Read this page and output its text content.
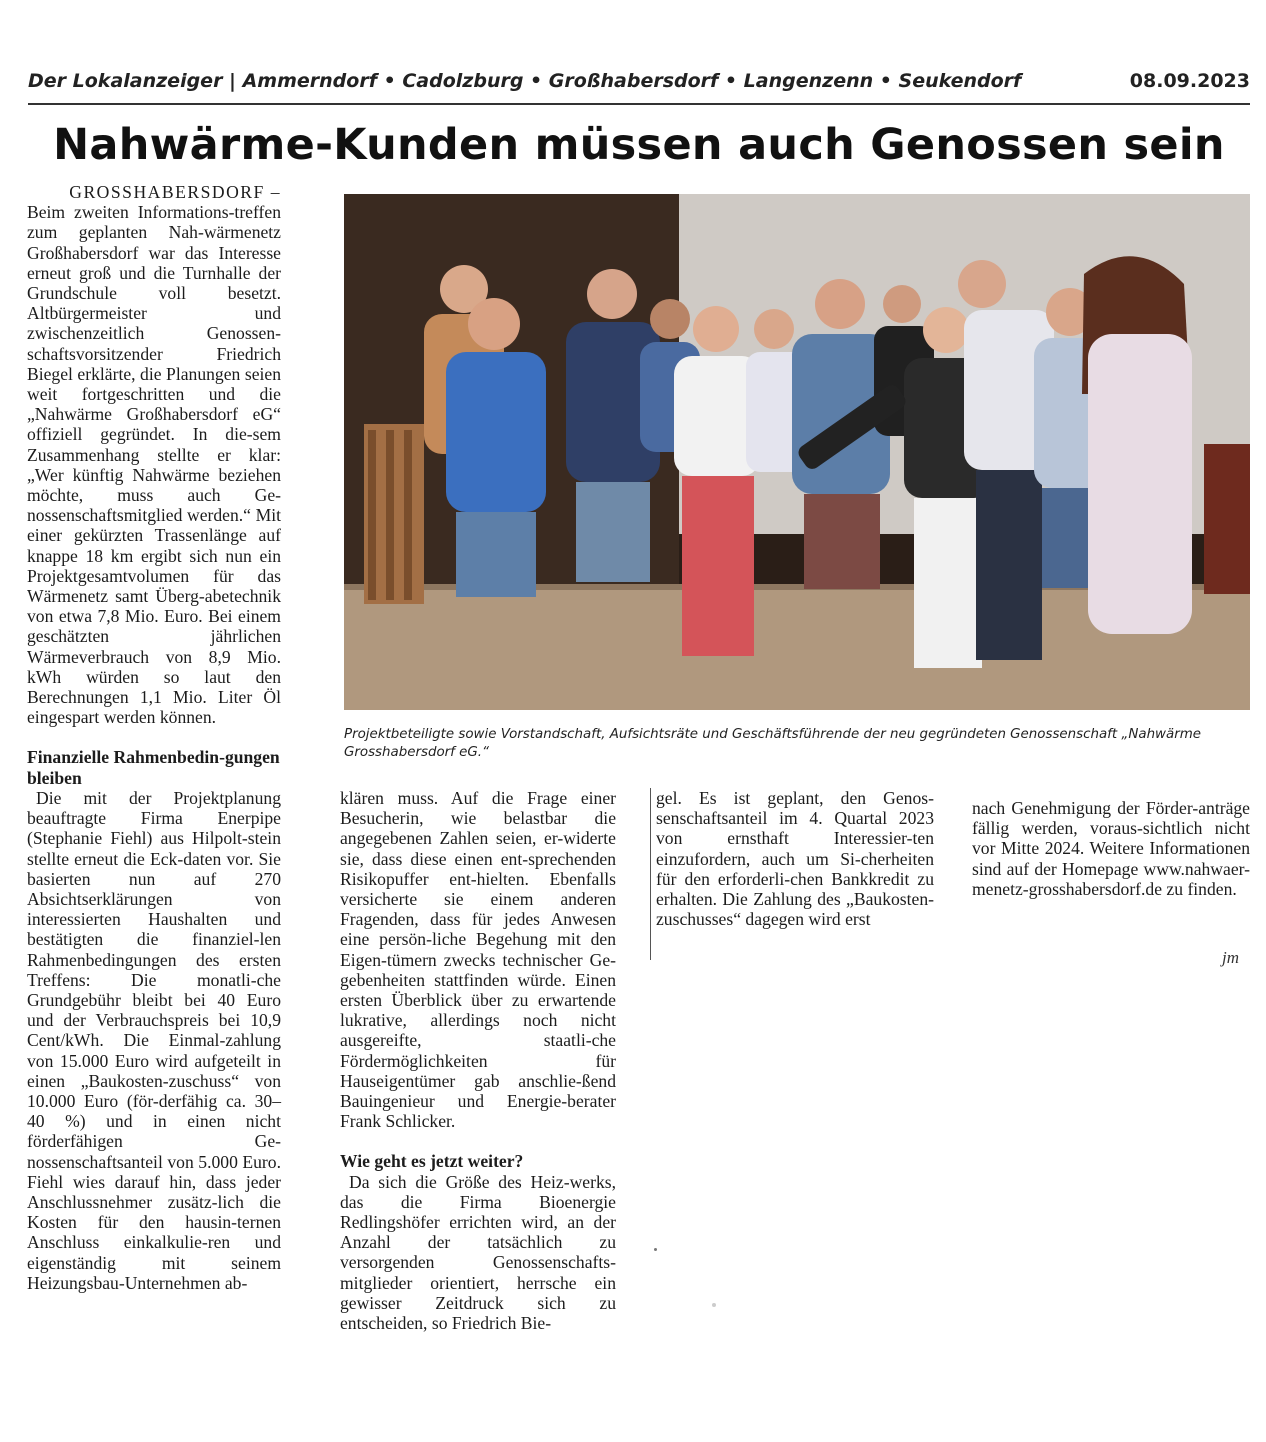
Der Lokalanzeiger | Ammerndorf • Cadolzburg • Großhabersdorf • Langenzenn • Seukendorf	08.09.2023
Nahwärme-Kunden müssen auch Genossen sein

GROSSHABERSDORF –

Beim zweiten Informations-treffen zum geplanten Nah-wärmenetz Großhabersdorf war das Interesse erneut groß und die Turnhalle der Grundschule voll besetzt. Altbürgermeister und zwischenzeitlich Genossen-schaftsvorsitzender Friedrich Biegel erklärte, die Planungen seien weit fortgeschritten und die „Nahwärme Großhabersdorf eG“ offiziell gegründet. In die-sem Zusammenhang stellte er klar: „Wer künftig Nahwärme beziehen möchte, muss auch Ge-nossenschaftsmitglied werden.“ Mit einer gekürzten Trassenlänge auf knappe 18 km ergibt sich nun ein Projektgesamtvolumen für das Wärmenetz samt Überg-abetechnik von etwa 7,8 Mio. Euro. Bei einem geschätzten jährlichen Wärmeverbrauch von 8,9 Mio. kWh würden so laut den Berechnungen 1,1 Mio. Liter Öl eingespart werden können.

Finanzielle Rahmenbedin-gungen bleiben

Die mit der Projektplanung beauftragte Firma Enerpipe (Stephanie Fiehl) aus Hilpolt-stein stellte erneut die Eck-daten vor. Sie basierten nun auf 270 Absichtserklärungen von interessierten Haushalten und bestätigten die finanziel-len Rahmenbedingungen des ersten Treffens: Die monatli-che Grundgebühr bleibt bei 40 Euro und der Verbrauchspreis bei 10,9 Cent/kWh. Die Einmal-zahlung von 15.000 Euro wird aufgeteilt in einen „Baukosten-zuschuss“ von 10.000 Euro (för-derfähig ca. 30–40 %) und in einen nicht förderfähigen Ge-nossenschaftsanteil von 5.000 Euro. Fiehl wies darauf hin, dass jeder Anschlussnehmer zusätz-lich die Kosten für den hausin-ternen Anschluss einkalkulie-ren und eigenständig mit seinem Heizungsbau-Unternehmen ab-

Projektbeteiligte sowie Vorstandschaft, Aufsichtsräte und Geschäftsführende der neu gegründeten Genossenschaft „Nahwärme Grosshabersdorf eG.“

klären muss. Auf die Frage einer Besucherin, wie belastbar die angegebenen Zahlen seien, er-widerte sie, dass diese einen ent-sprechenden Risikopuffer ent-hielten. Ebenfalls versicherte sie einem anderen Fragenden, dass für jedes Anwesen eine persön-liche Begehung mit den Eigen-tümern zwecks technischer Ge-gebenheiten stattfinden würde. Einen ersten Überblick über zu erwartende lukrative, allerdings noch nicht ausgereifte, staatli-che Fördermöglichkeiten für Hauseigentümer gab anschlie-ßend Bauingenieur und Energie-berater Frank Schlicker.

Wie geht es jetzt weiter?

Da sich die Größe des Heiz-werks, das die Firma Bioenergie Redlingshöfer errichten wird, an der Anzahl der tatsächlich zu versorgenden Genossenschafts-mitglieder orientiert, herrsche ein gewisser Zeitdruck sich zu entscheiden, so Friedrich Bie-

gel. Es ist geplant, den Genos-senschaftsanteil im 4. Quartal 2023 von ernsthaft Interessier-ten einzufordern, auch um Si-cherheiten für den erforderli-chen Bankkredit zu erhalten. Die Zahlung des „Baukosten-zuschusses“ dagegen wird erst

nach Genehmigung der Förder-anträge fällig werden, voraus-sichtlich nicht vor Mitte 2024. Weitere Informationen sind auf der Homepage www.nahwaer-menetz-grosshabersdorf.de zu finden.

jm
